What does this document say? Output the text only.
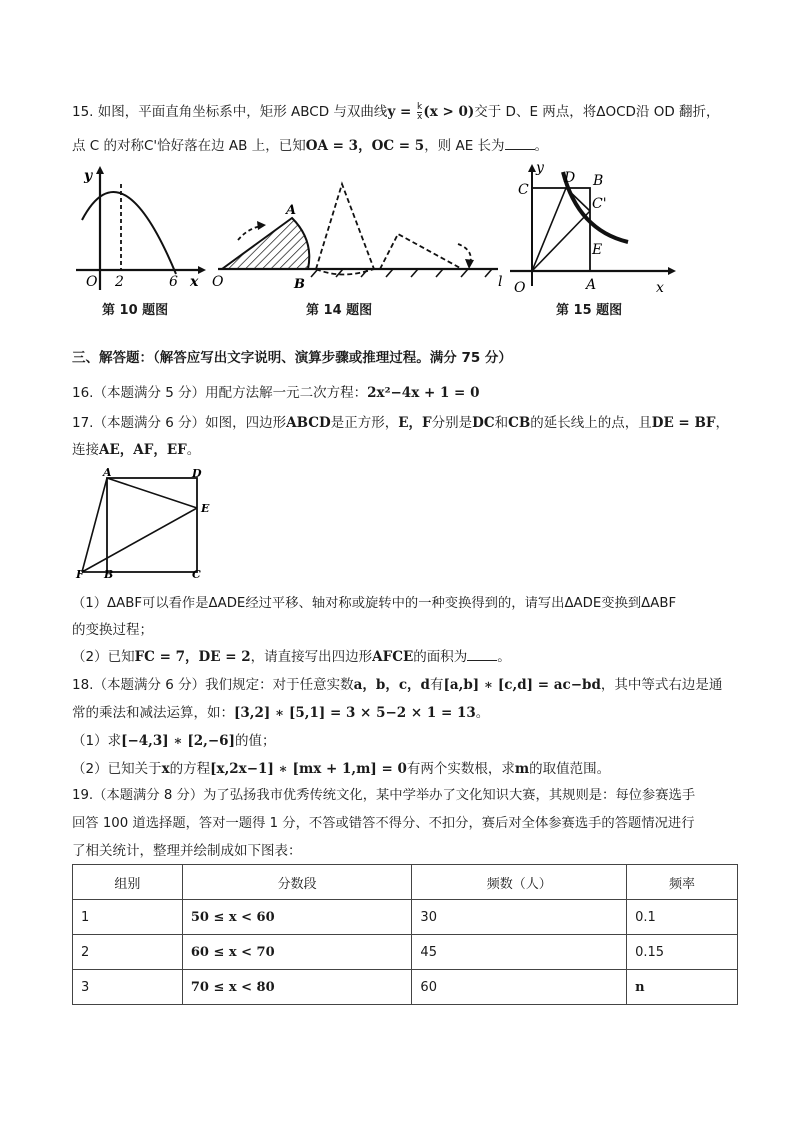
15. 如图，平面直角坐标系中，矩形 ABCD 与双曲线$y = \frac{k}{x} (x > 0)$交于 D、E 两点，将ΔOCD沿 OD 翻折，
点 C 的对称C'恰好落在边 AB 上，已知OA = 3，OC = 5，则 AE 长为 。
y
O 2	6 x
第 10 题图
O
A
B	l
第 14 题图
y
C
D B
C'
E
O	A	x
第 15 题图
三、解答题：（解答应写出文字说明、演算步骤或推理过程。满分 75 分）
16.（本题满分 5 分）用配方法解一元二次方程：2x²−4x + 1 = 0
17.（本题满分 6 分）如图，四边形ABCD是正方形，E，F分别是DC和CB的延长线上的点，且DE = BF，
连接AE，AF，EF。
A	D
E
F B	C
（1）ΔABF可以看作是ΔADE经过平移、轴对称或旋转中的一种变换得到的，请写出ΔADE变换到ΔABF
的变换过程；
（2）已知FC = 7，DE = 2，请直接写出四边形AFCE的面积为 。
18.（本题满分 6 分）我们规定：对于任意实数a，b，c，d有[a,b] ∗ [c,d] = ac−bd，其中等式右边是通
常的乘法和减法运算，如：[3,2] ∗ [5,1] = 3 × 5−2 × 1 = 13。
（1）求[−4,3] ∗ [2,−6]的值；
（2）已知关于x的方程[x,2x−1] ∗ [mx + 1,m] = 0有两个实数根，求m的取值范围。
19.（本题满分 8 分）为了弘扬我市优秀传统文化，某中学举办了文化知识大赛，其规则是：每位参赛选手
回答 100 道选择题，答对一题得 1 分，不答或错答不得分、不扣分，赛后对全体参赛选手的答题情况进行
了相关统计，整理并绘制成如下图表：
组别	分数段	频数（人）	频率
1	50 ≤ x < 60	30	0.1
2	60 ≤ x < 70	45	0.15
3	70 ≤ x < 80	60	n
